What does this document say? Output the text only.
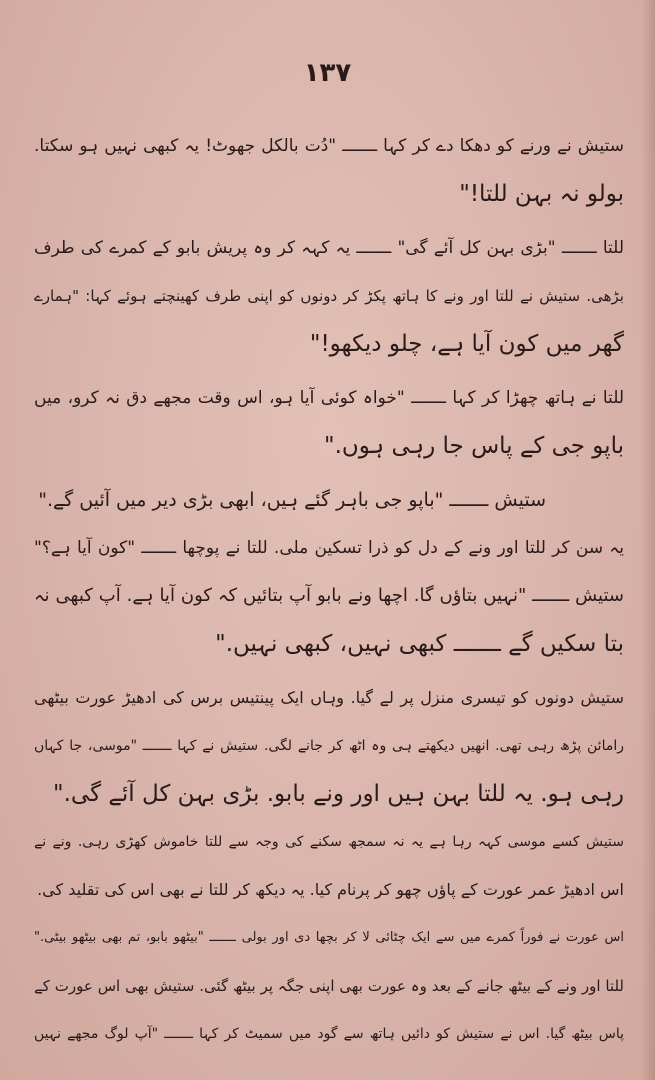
۱۳۷
ستیش نے ورنے کو دھکا دے کر کہا ـــــــ "دُت بالکل جھوٹ! یہ کبھی نہیں ہو سکتا.
بولو نہ بہن للتا!"
للتا ـــــــ "بڑی بہن کل آئے گی" ـــــــ یہ کہہ کر وہ پریش بابو کے کمرے کی طرف
بڑھی. ستیش نے للتا اور ونے کا ہاتھ پکڑ کر دونوں کو اپنی طرف کھینچتے ہوئے کہا: "ہمارے
گھر میں کون آیا ہے، چلو دیکھو!"
للتا نے ہاتھ چھڑا کر کہا ـــــــ "خواہ کوئی آیا ہو، اس وقت مجھے دق نہ کرو، میں
باپو جی کے پاس جا رہی ہوں."
ستیش ـــــــ "باپو جی باہر گئے ہیں، ابھی بڑی دیر میں آئیں گے."
یہ سن کر للتا اور ونے کے دل کو ذرا تسکین ملی. للتا نے پوچھا ـــــــ "کون آیا ہے؟"
ستیش ـــــــ "نہیں بتاؤں گا. اچھا ونے بابو آپ بتائیں کہ کون آیا ہے. آپ کبھی نہ
بتا سکیں گے ـــــــ کبھی نہیں، کبھی نہیں."
ستیش دونوں کو تیسری منزل پر لے گیا. وہاں ایک پینتیس برس کی ادھیڑ عورت بیٹھی
رامائن پڑھ رہی تھی. انھیں دیکھتے ہی وہ اٹھ کر جانے لگی. ستیش نے کہا ـــــــ "موسی، جا کہاں
رہی ہو. یہ للتا بہن ہیں اور ونے بابو. بڑی بہن کل آئے گی."
ستیش کسے موسی کہہ رہا ہے یہ نہ سمجھ سکنے کی وجہ سے للتا خاموش کھڑی رہی. ونے نے
اس ادھیڑ عمر عورت کے پاؤں چھو کر پرنام کیا. یہ دیکھ کر للتا نے بھی اس کی تقلید کی.
اس عورت نے فوراً کمرے میں سے ایک چٹائی لا کر بچھا دی اور بولی ـــــــ "بیٹھو بابو، تم بھی بیٹھو بیٹی."
للتا اور ونے کے بیٹھ جانے کے بعد وہ عورت بھی اپنی جگہ پر بیٹھ گئی. ستیش بھی اس عورت کے
پاس بیٹھ گیا. اس نے ستیش کو دائیں ہاتھ سے گود میں سمیٹ کر کہا ـــــــ "آپ لوگ مجھے نہیں
